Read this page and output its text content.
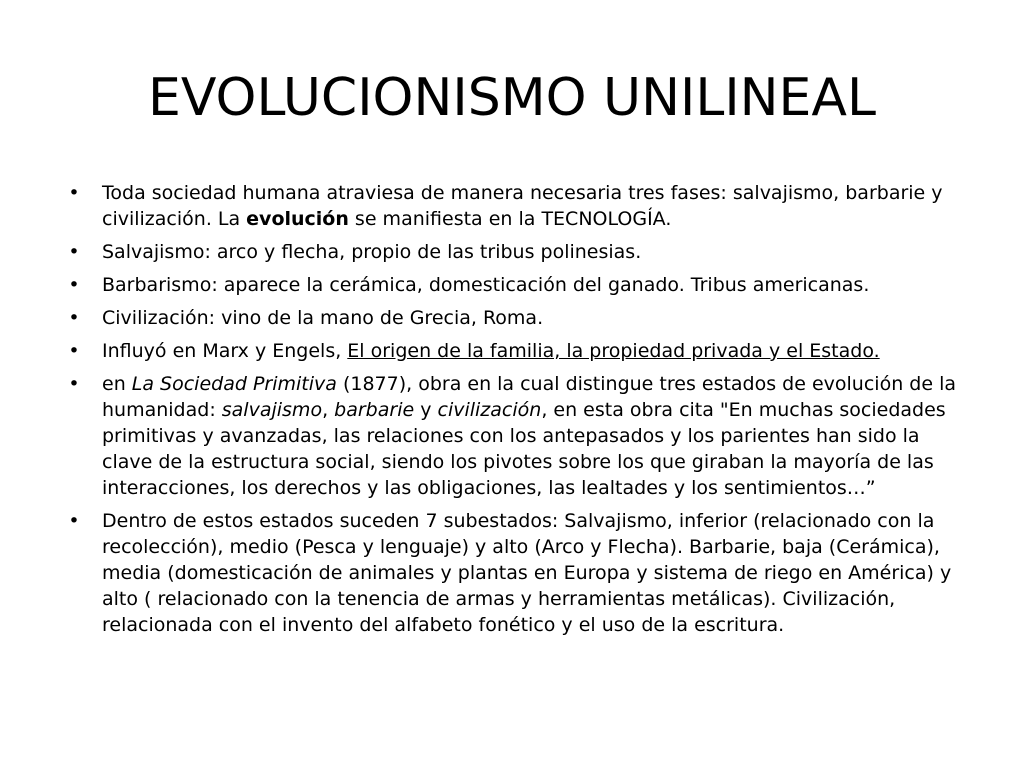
EVOLUCIONISMO UNILINEAL
• Toda sociedad humana atraviesa de manera necesaria tres fases: salvajismo, barbarie y civilización. La evolución se manifiesta en la TECNOLOGÍA.
• Salvajismo: arco y flecha, propio de las tribus polinesias.
• Barbarismo: aparece la cerámica, domesticación del ganado. Tribus americanas.
• Civilización: vino de la mano de Grecia, Roma.
• Influyó en Marx y Engels, El origen de la familia, la propiedad privada y el Estado.
• en La Sociedad Primitiva (1877), obra en la cual distingue tres estados de evolución de la humanidad: salvajismo, barbarie y civilización, en esta obra cita "En muchas sociedades primitivas y avanzadas, las relaciones con los antepasados y los parientes han sido la clave de la estructura social, siendo los pivotes sobre los que giraban la mayoría de las interacciones, los derechos y las obligaciones, las lealtades y los sentimientos…”
• Dentro de estos estados suceden 7 subestados: Salvajismo, inferior (relacionado con la recolección), medio (Pesca y lenguaje) y alto (Arco y Flecha). Barbarie, baja (Cerámica), media (domesticación de animales y plantas en Europa y sistema de riego en América) y alto ( relacionado con la tenencia de armas y herramientas metálicas). Civilización, relacionada con el invento del alfabeto fonético y el uso de la escritura.
